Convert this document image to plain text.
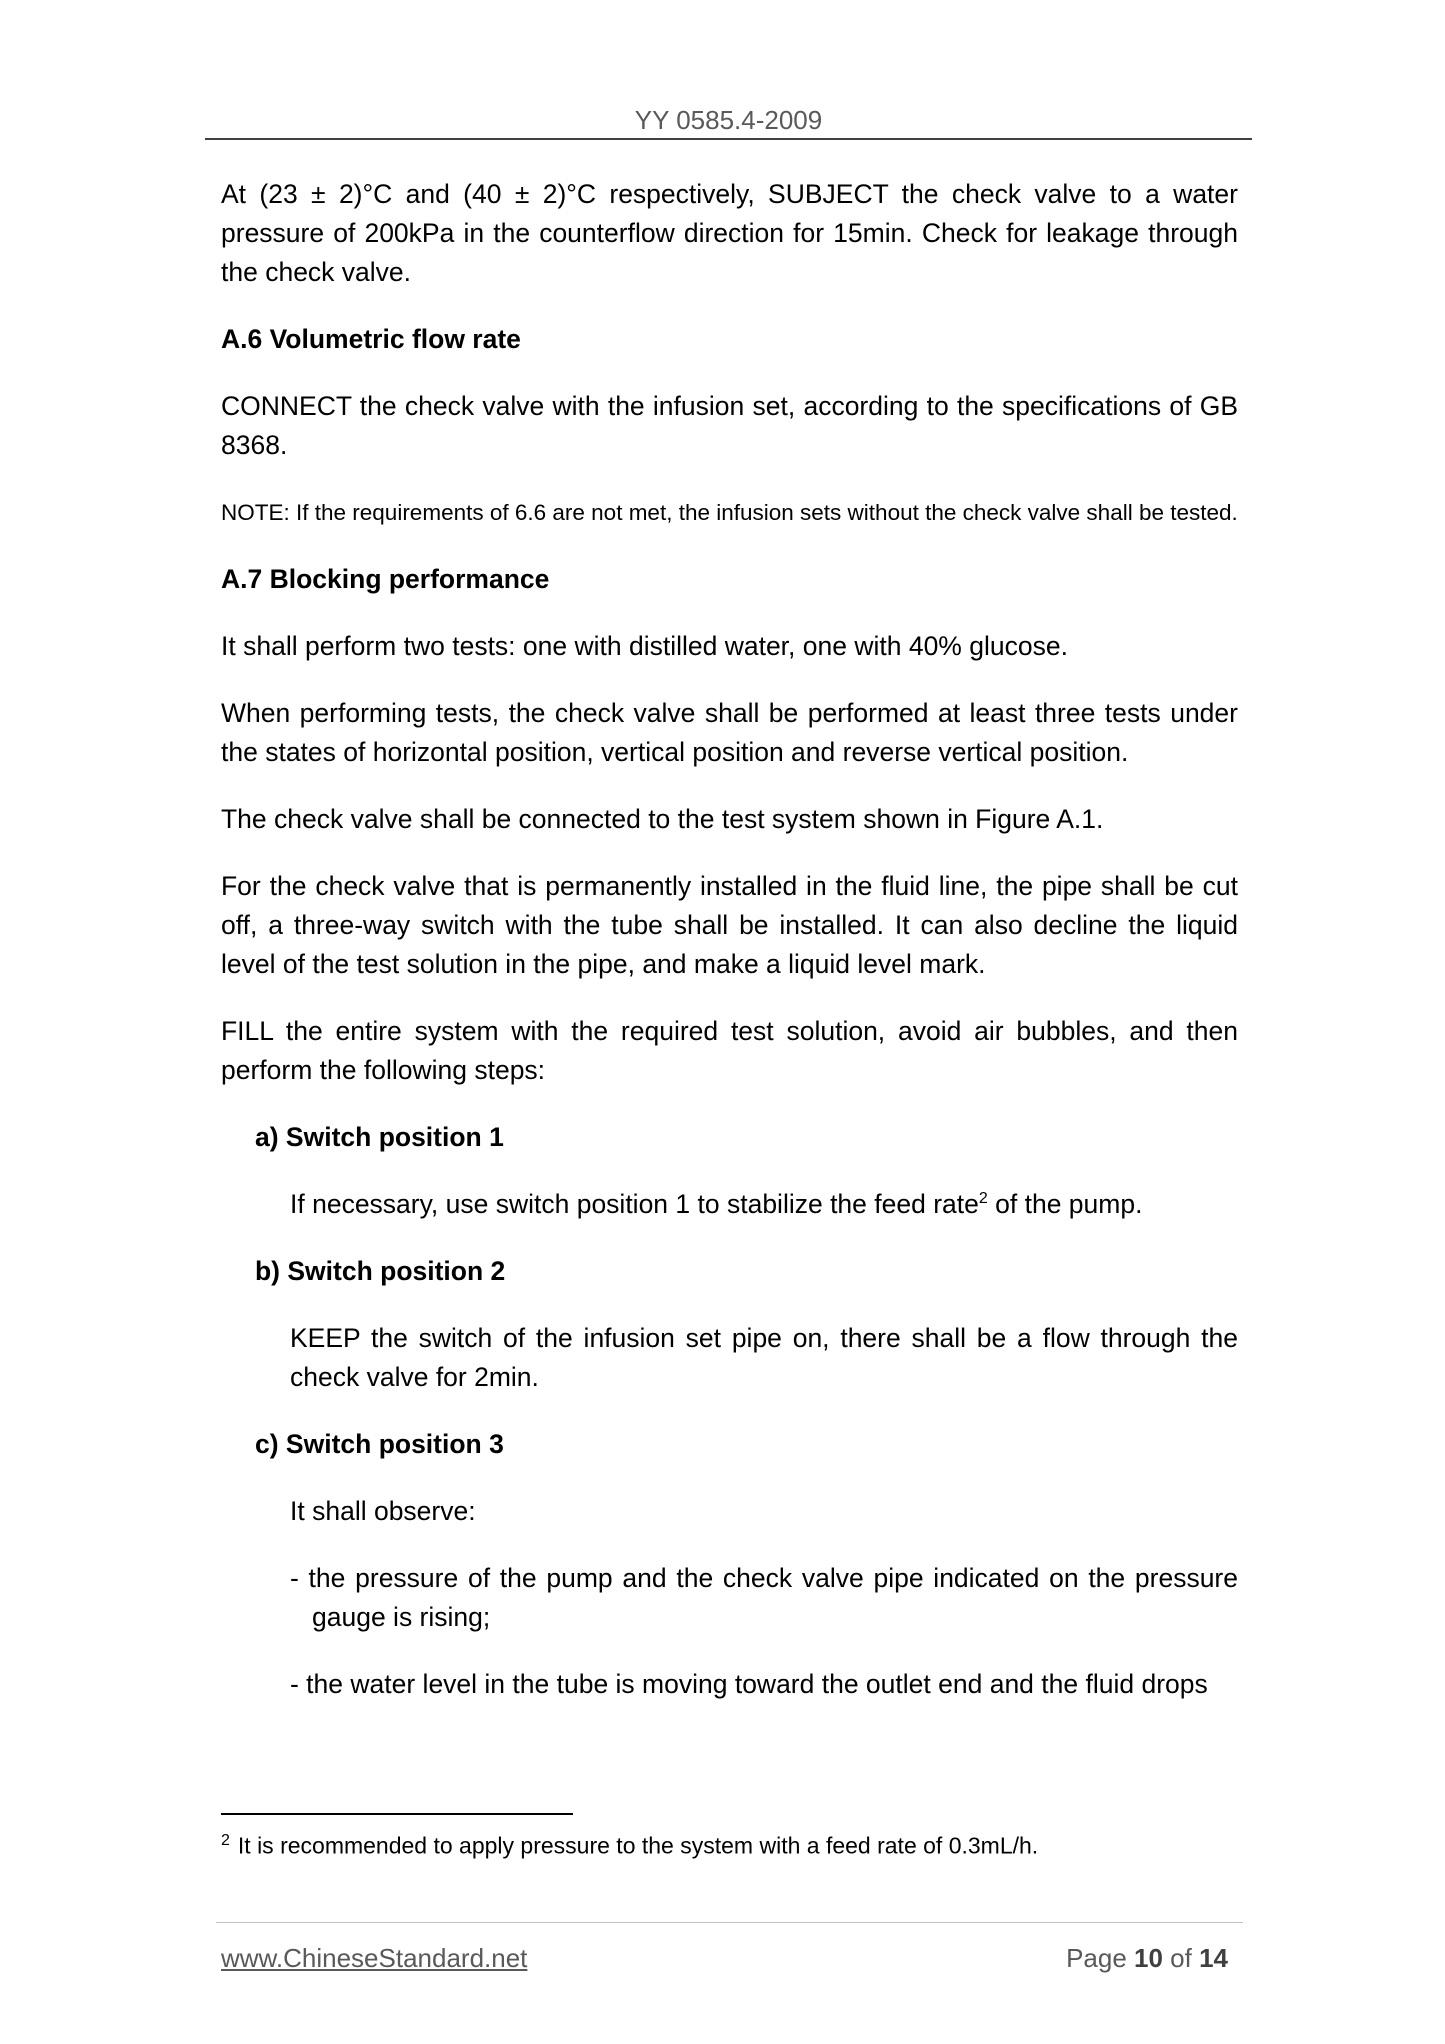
YY 0585.4-2009

At (23 ± 2)°C and (40 ± 2)°C respectively, SUBJECT the check valve to a water pressure of 200kPa in the counterflow direction for 15min. Check for leakage through the check valve.

A.6 Volumetric flow rate

CONNECT the check valve with the infusion set, according to the specifications of GB 8368.

NOTE: If the requirements of 6.6 are not met, the infusion sets without the check valve shall be tested.

A.7 Blocking performance

It shall perform two tests: one with distilled water, one with 40% glucose.

When performing tests, the check valve shall be performed at least three tests under the states of horizontal position, vertical position and reverse vertical position.

The check valve shall be connected to the test system shown in Figure A.1.

For the check valve that is permanently installed in the fluid line, the pipe shall be cut off, a three-way switch with the tube shall be installed. It can also decline the liquid level of the test solution in the pipe, and make a liquid level mark.

FILL the entire system with the required test solution, avoid air bubbles, and then perform the following steps:

a) Switch position 1

If necessary, use switch position 1 to stabilize the feed rate$^2$ of the pump.

b) Switch position 2

KEEP the switch of the infusion set pipe on, there shall be a flow through the check valve for 2min.

c) Switch position 3

It shall observe:

- the pressure of the pump and the check valve pipe indicated on the pressure gauge is rising;

- the water level in the tube is moving toward the outlet end and the fluid drops

$^2$ It is recommended to apply pressure to the system with a feed rate of 0.3mL/h.
www.ChineseStandard.net	Page 10 of 14
